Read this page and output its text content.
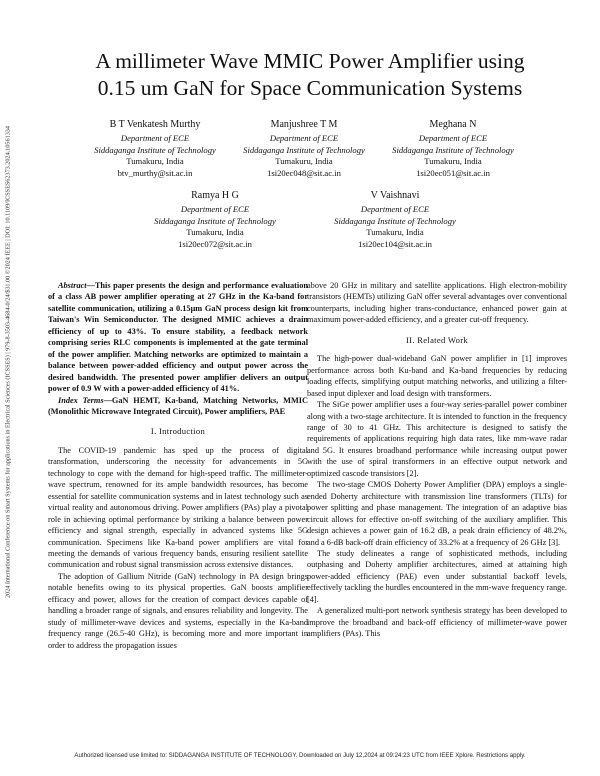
2024 International Conference on Smart Systems for applications in Electrical Sciences (ICSSES) | 979-8-3503-4684-0/24/$31.00 ©2024 IEEE | DOI: 10.1109/ICSSES62373.2024.10561334
A millimeter Wave MMIC Power Amplifier using
0.15 um GaN for Space Communication Systems
B T Venkatesh Murthy
Department of ECE
Siddaganga Institute of Technology
Tumakuru, India
btv_murthy@sit.ac.in
Manjushree T M
Department of ECE
Siddaganga Institute of Technology
Tumakuru, India
1si20ec048@sit.ac.in
Meghana N
Department of ECE
Siddaganga Institute of Technology
Tumakuru, India
1si20ec051@sit.ac.in
Ramya H G
Department of ECE
Siddaganga Institute of Technology
Tumakuru, India
1si20ec072@sit.ac.in
V Vaishnavi
Department of ECE
Siddaganga Institute of Technology
Tumakuru, India
1si20ec104@sit.ac.in

Abstract—This paper presents the design and performance evaluation of a class AB power amplifier operating at 27 GHz in the Ka-band for satellite communication, utilizing a 0.15μm GaN process design kit from Taiwan's Win Semiconductor. The designed MMIC achieves a drain efficiency of up to 43%. To ensure stability, a feedback network comprising series RLC components is implemented at the gate terminal of the power amplifier. Matching networks are optimized to maintain a balance between power-added efficiency and output power across the desired bandwidth. The presented power amplifier delivers an output power of 0.9 W with a power-added efficiency of 41%.

Index Terms—GaN HEMT, Ka-band, Matching Networks, MMIC (Monolithic Microwave Integrated Circuit), Power amplifiers, PAE

I. Introduction

The COVID-19 pandemic has sped up the process of digital transformation, underscoring the necessity for advancements in 5G technology to cope with the demand for high-speed traffic. The millimeter-wave spectrum, renowned for its ample bandwidth resources, has become essential for satellite communication systems and in latest technology such as virtual reality and autonomous driving. Power amplifiers (PAs) play a pivotal role in achieving optimal performance by striking a balance between power efficiency and signal strength, especially in advanced systems like 5G communication. Specimens like Ka-band power amplifiers are vital for meeting the demands of various frequency bands, ensuring resilient satellite communication and robust signal transmission across extensive distances.

The adoption of Gallium Nitride (GaN) technology in PA design brings notable benefits owing to its physical properties. GaN boosts amplifier efficacy and power, allows for the creation of compact devices capable of handling a broader range of signals, and ensures reliability and longevity. The study of millimeter-wave devices and systems, especially in the Ka-band frequency range (26.5-40 GHz), is becoming more and more important in order to address the propagation issues

above 20 GHz in military and satellite applications. High electron-mobility transistors (HEMTs) utilizing GaN offer several advantages over conventional counterparts, including higher trans-conductance, enhanced power gain at maximum power-added efficiency, and a greater cut-off frequency.

II. Related Work

The high-power dual-wideband GaN power amplifier in [1] improves performance across both Ku-band and Ka-band frequencies by reducing loading effects, simplifying output matching networks, and utilizing a filter-based input diplexer and load design with transformers.

The SiGe power amplifier uses a four-way series-parallel power combiner along with a two-stage architecture. It is intended to function in the frequency range of 30 to 41 GHz. This architecture is designed to satisfy the requirements of applications requiring high data rates, like mm-wave radar and 5G. It ensures broadband performance while increasing output power with the use of spiral transformers in an effective output network and optimized cascode transistors [2].

The two-stage CMOS Doherty Power Amplifier (DPA) employs a single-ended Doherty architecture with transmission line transformers (TLTs) for power splitting and phase management. The integration of an adaptive bias circuit allows for effective on-off switching of the auxiliary amplifier. This design achieves a power gain of 16.2 dB, a peak drain efficiency of 48.2%, and a 6-dB back-off drain efficiency of 33.2% at a frequency of 26 GHz [3].

The study delineates a range of sophisticated methods, including outphasing and Doherty amplifier architectures, aimed at attaining high power-added efficiency (PAE) even under substantial backoff levels, effectively tackling the hurdles encountered in the mm-wave frequency range. [4].

A generalized multi-port network synthesis strategy has been developed to improve the broadband and back-off efficiency of millimeter-wave power amplifiers (PAs). This

Authorized licensed use limited to: SIDDAGANGA INSTITUTE OF TECHNOLOGY. Downloaded on July 12,2024 at 09:24:23 UTC from IEEE Xplore. Restrictions apply.
